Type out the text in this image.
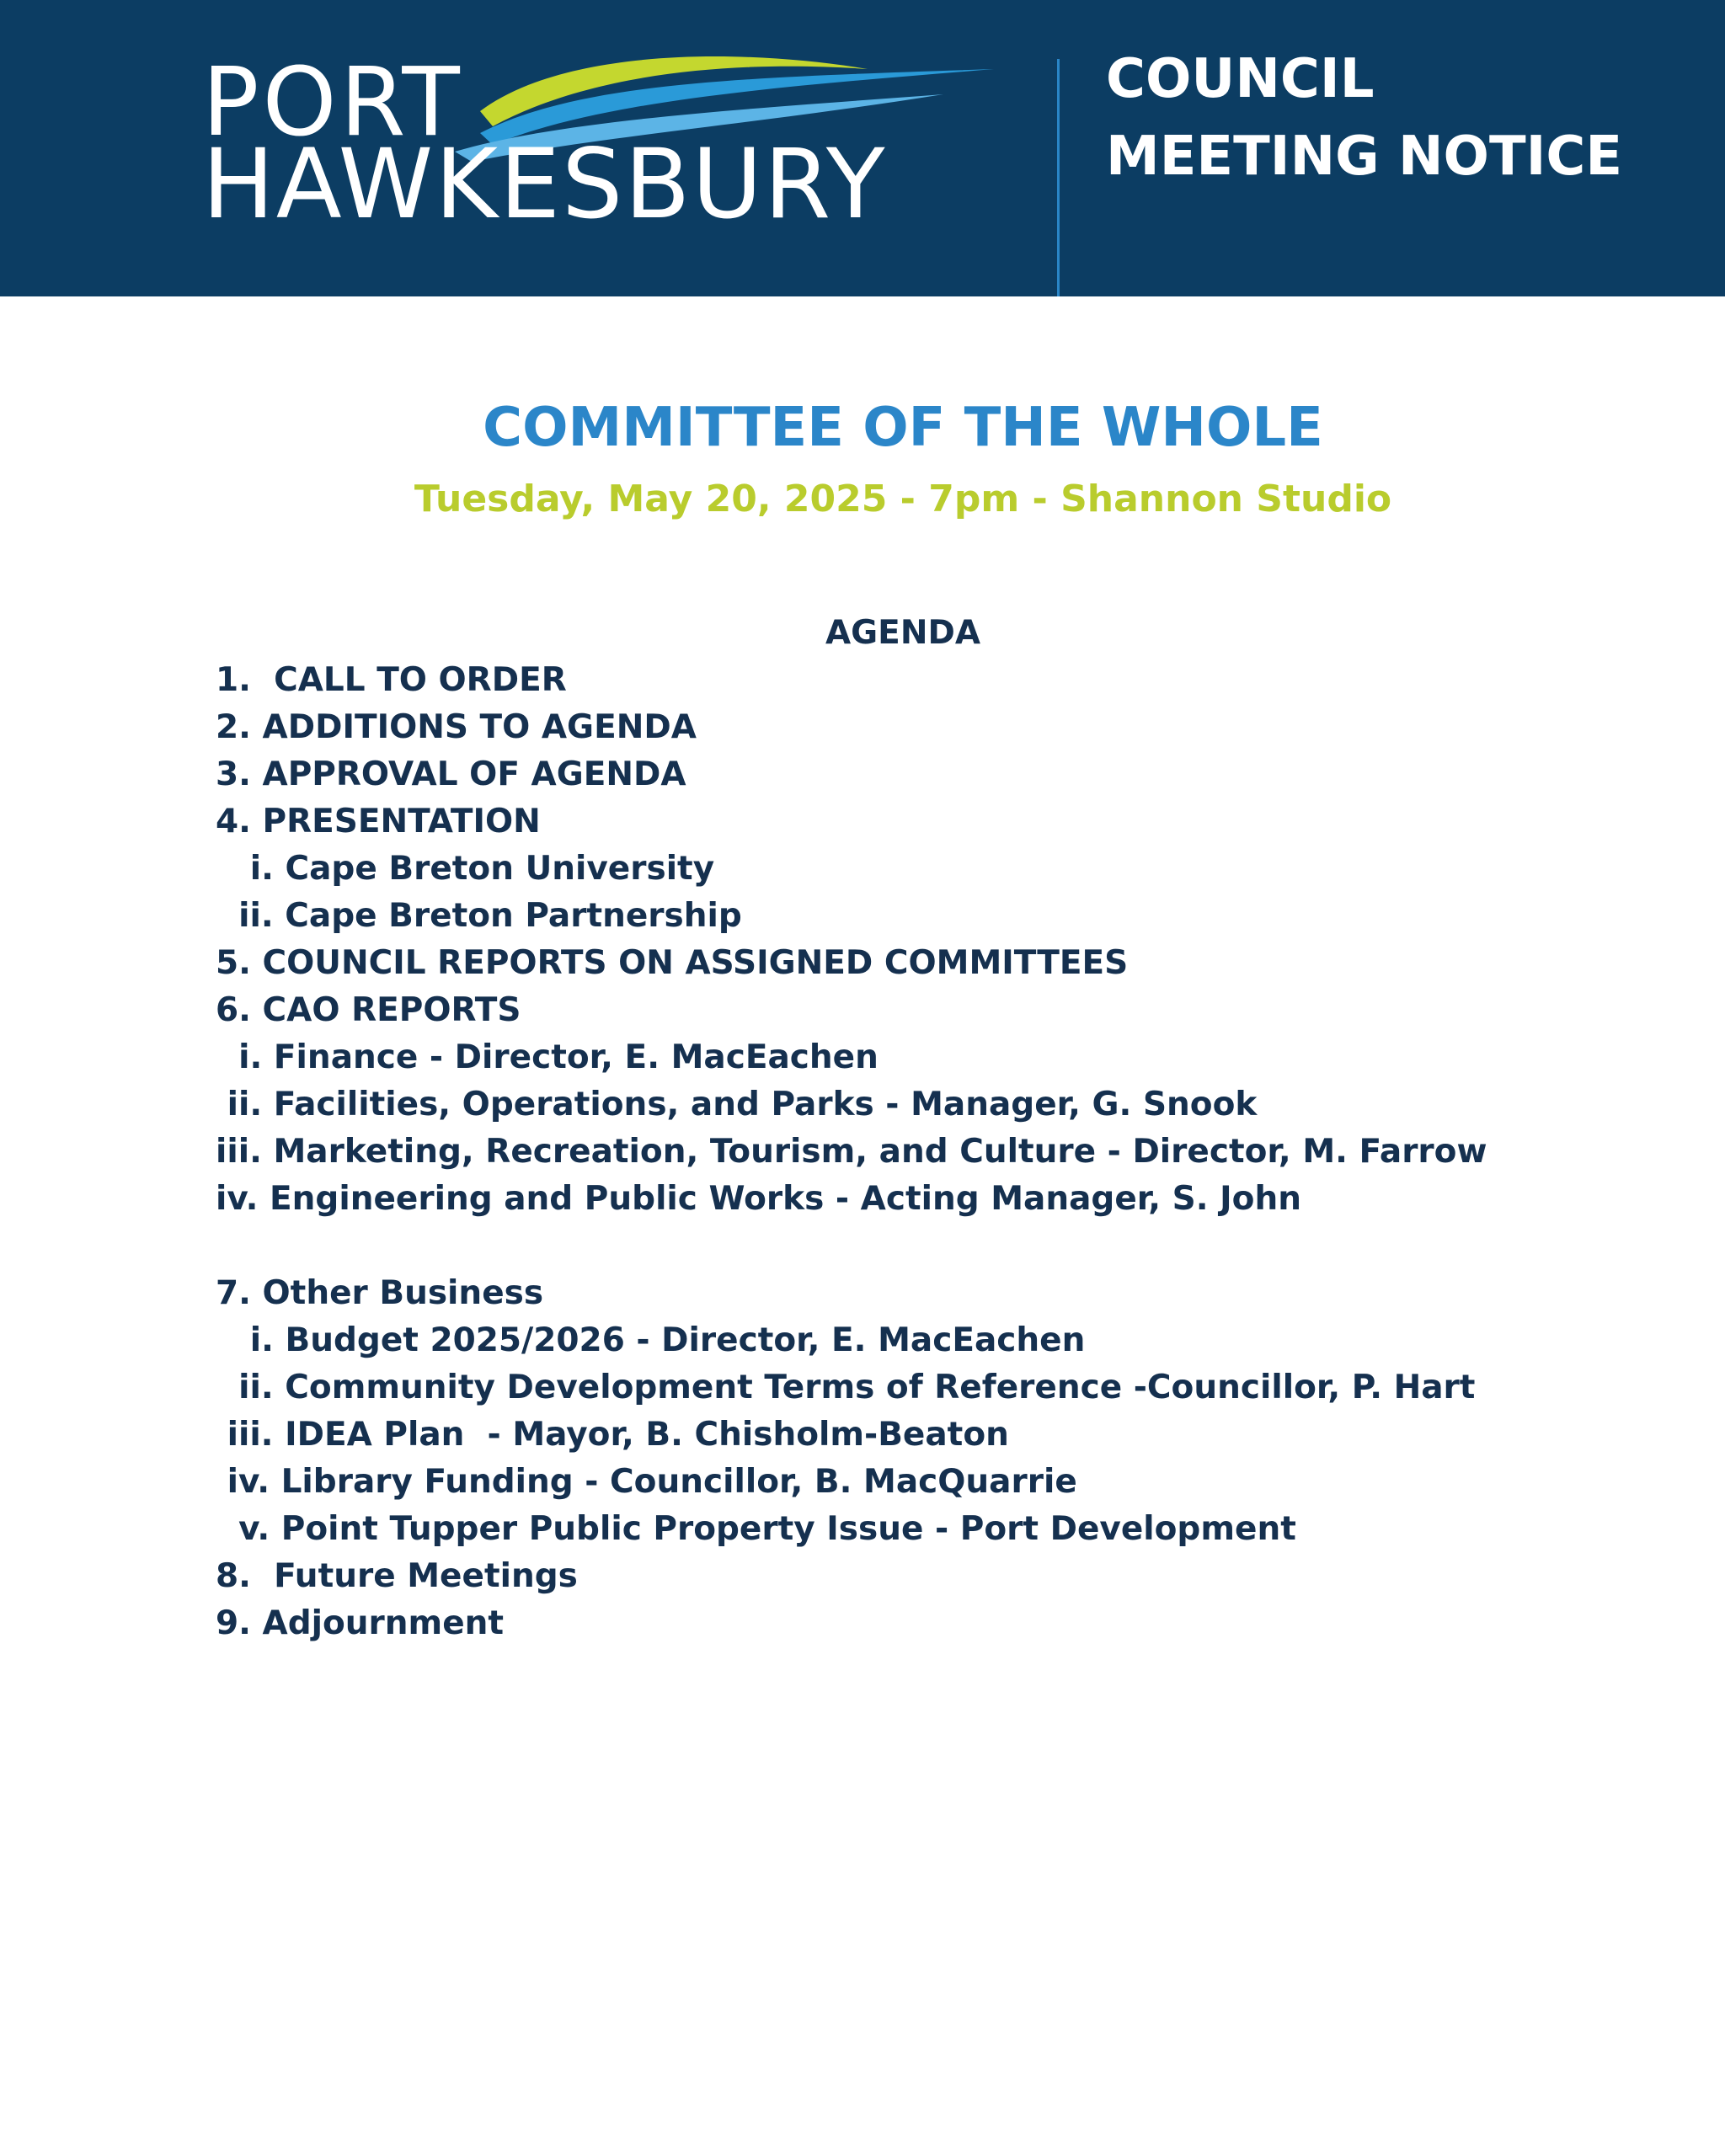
PORT
HAWKESBURY
COUNCIL
MEETING NOTICE
COMMITTEE OF THE WHOLE
Tuesday, May 20, 2025 - 7pm - Shannon Studio
AGENDA
1.  CALL TO ORDER
2. ADDITIONS TO AGENDA
3. APPROVAL OF AGENDA
4. PRESENTATION
i. Cape Breton University
ii. Cape Breton Partnership
5. COUNCIL REPORTS ON ASSIGNED COMMITTEES
6. CAO REPORTS
i. Finance - Director, E. MacEachen
ii. Facilities, Operations, and Parks - Manager, G. Snook
iii. Marketing, Recreation, Tourism, and Culture - Director, M. Farrow
iv. Engineering and Public Works - Acting Manager, S. John
7. Other Business
i. Budget 2025/2026 - Director, E. MacEachen
ii. Community Development Terms of Reference -Councillor, P. Hart
iii. IDEA Plan  - Mayor, B. Chisholm-Beaton
iv. Library Funding - Councillor, B. MacQuarrie
v. Point Tupper Public Property Issue - Port Development
8.  Future Meetings
9. Adjournment
